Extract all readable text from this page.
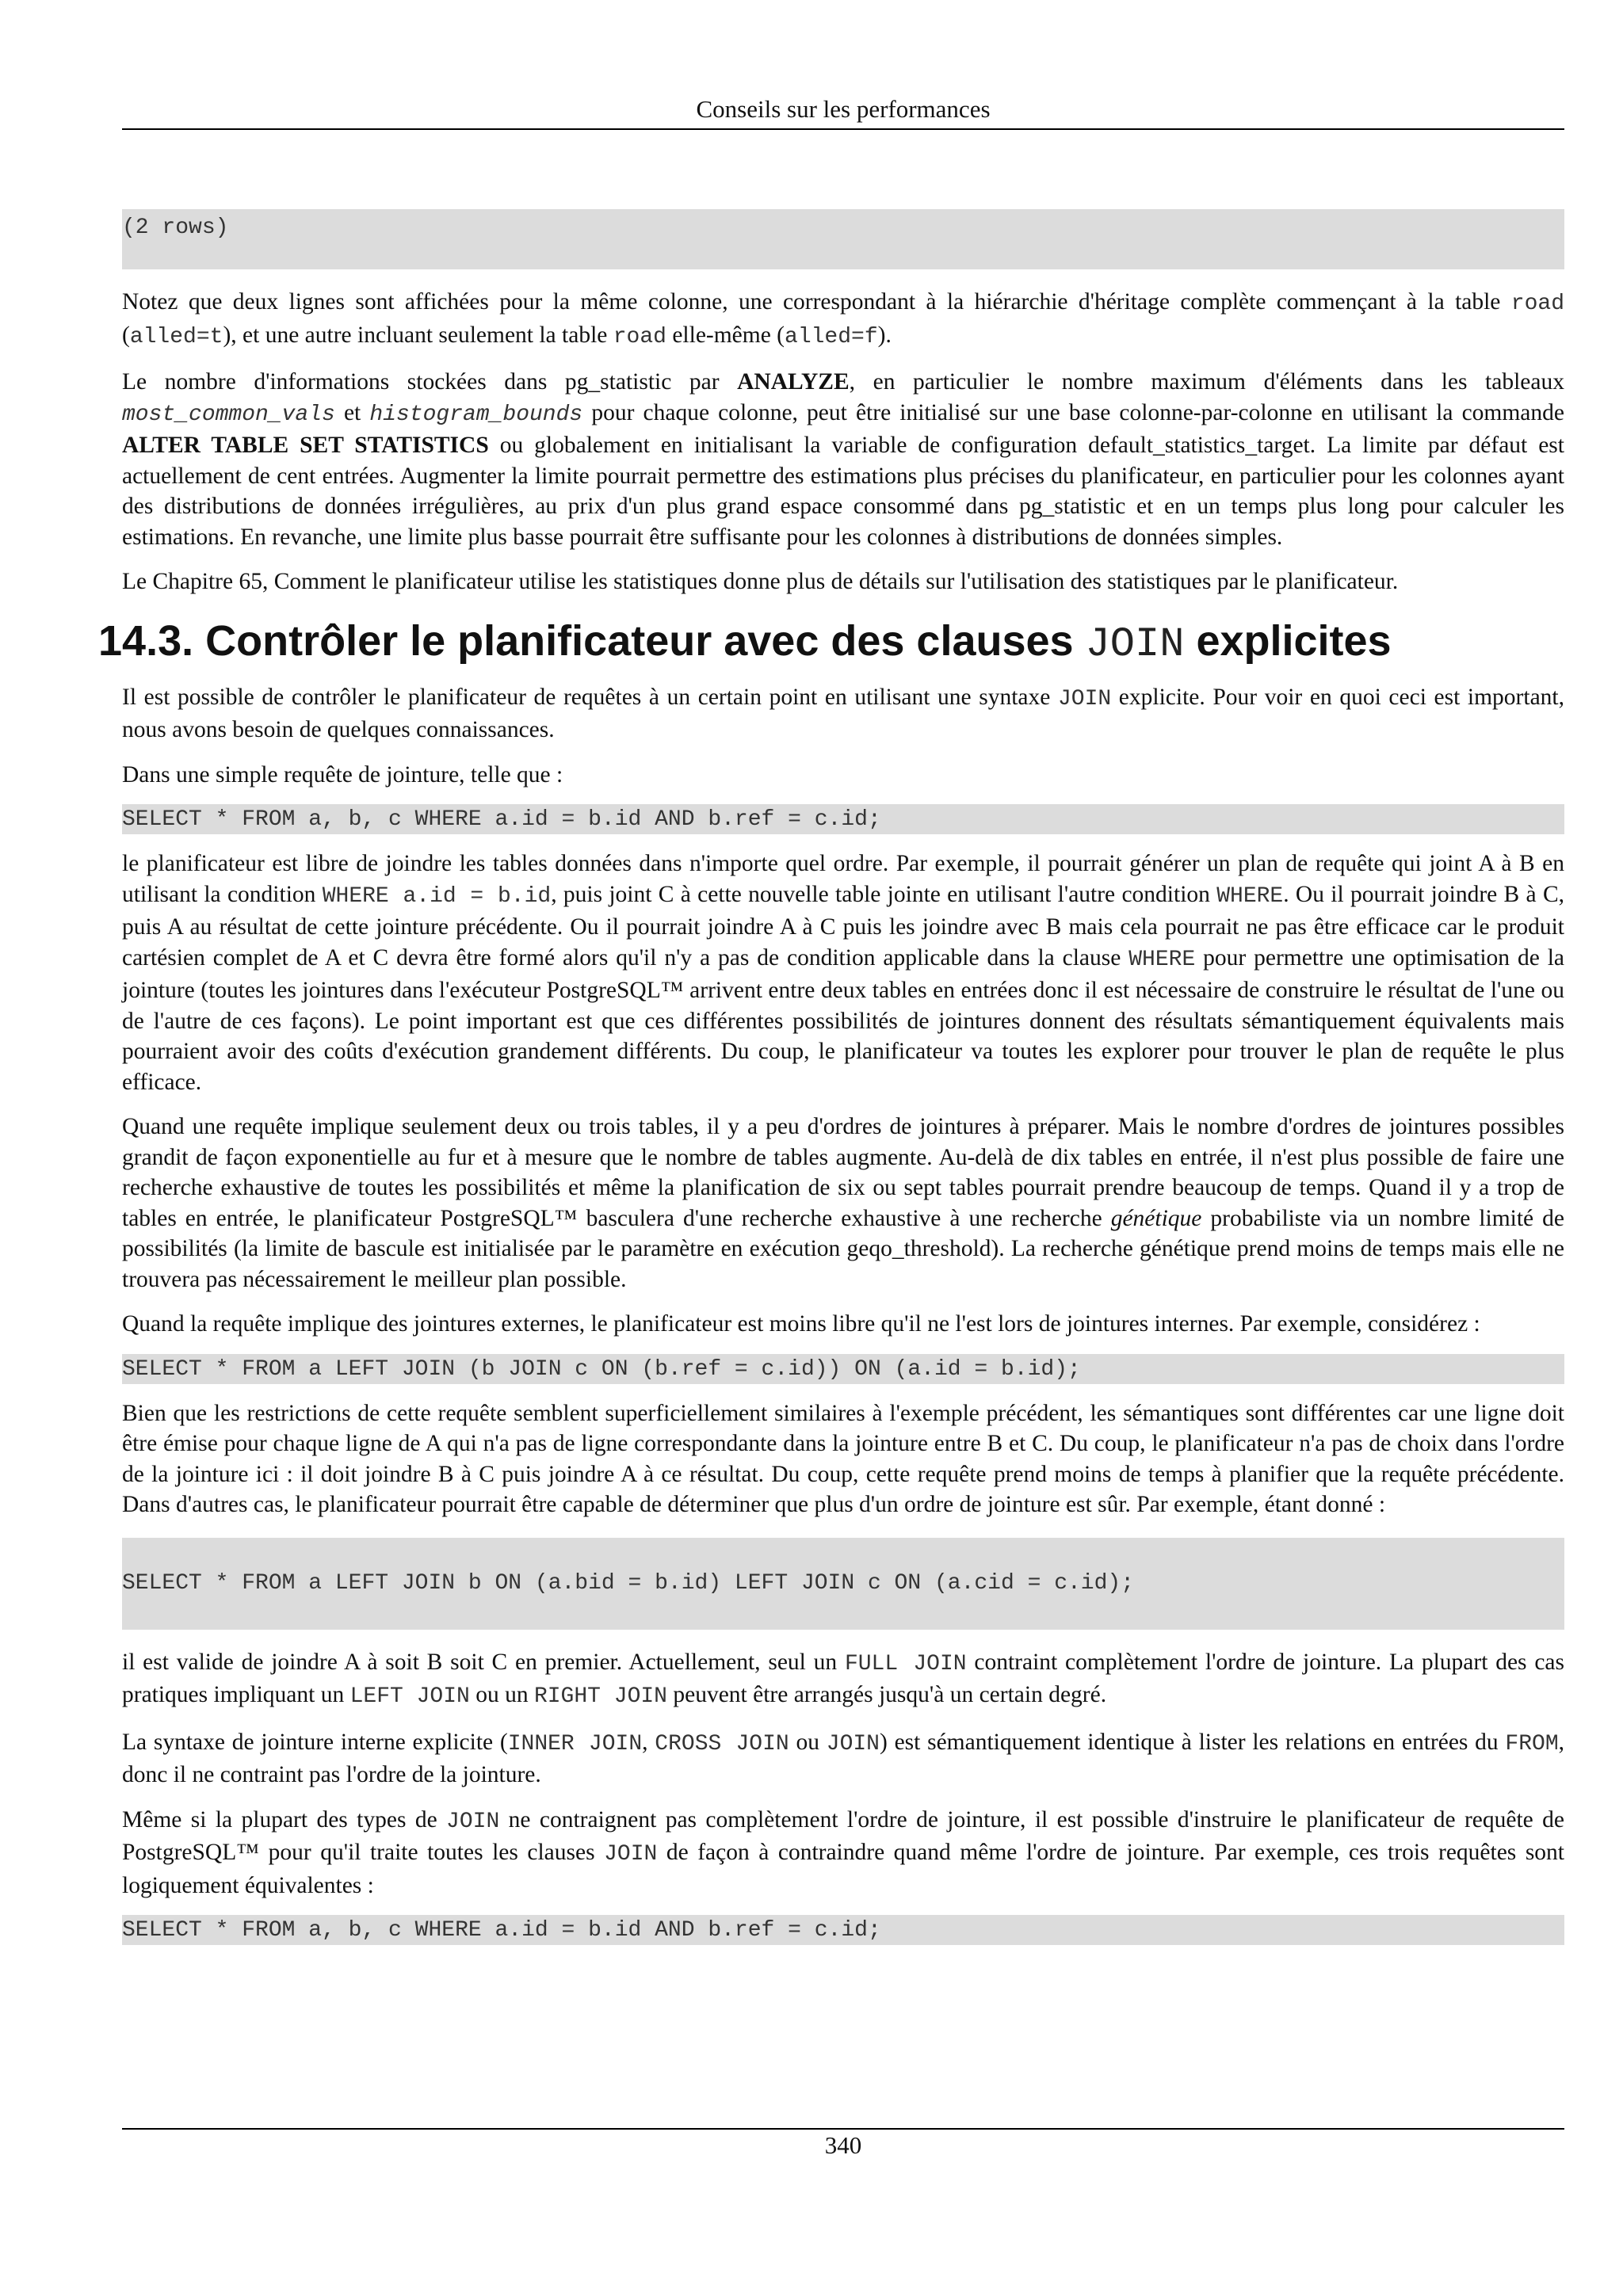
Conseils sur les performances
(2 rows)

Notez que deux lignes sont affichées pour la même colonne, une correspondant à la hiérarchie d'héritage complète commençant à la table road (alled=t), et une autre incluant seulement la table road elle-même (alled=f).

Le nombre d'informations stockées dans pg_statistic par ANALYZE, en particulier le nombre maximum d'éléments dans les tableaux most_common_vals et histogram_bounds pour chaque colonne, peut être initialisé sur une base colonne-par-colonne en utilisant la commande ALTER TABLE SET STATISTICS ou globalement en initialisant la variable de configuration default_statistics_target. La limite par défaut est actuellement de cent entrées. Augmenter la limite pourrait permettre des estimations plus précises du planificateur, en particulier pour les colonnes ayant des distributions de données irrégulières, au prix d'un plus grand espace consommé dans pg_statistic et en un temps plus long pour calculer les estimations. En revanche, une limite plus basse pourrait être suffisante pour les colonnes à distributions de données simples.

Le Chapitre 65, Comment le planificateur utilise les statistiques donne plus de détails sur l'utilisation des statistiques par le planificateur.

14.3. Contrôler le planificateur avec des clauses JOIN explicites

Il est possible de contrôler le planificateur de requêtes à un certain point en utilisant une syntaxe JOIN explicite. Pour voir en quoi ceci est important, nous avons besoin de quelques connaissances.

Dans une simple requête de jointure, telle que :

SELECT * FROM a, b, c WHERE a.id = b.id AND b.ref = c.id;

le planificateur est libre de joindre les tables données dans n'importe quel ordre. Par exemple, il pourrait générer un plan de requête qui joint A à B en utilisant la condition WHERE a.id = b.id, puis joint C à cette nouvelle table jointe en utilisant l'autre condition WHERE. Ou il pourrait joindre B à C, puis A au résultat de cette jointure précédente. Ou il pourrait joindre A à C puis les joindre avec B mais cela pourrait ne pas être efficace car le produit cartésien complet de A et C devra être formé alors qu'il n'y a pas de condition applicable dans la clause WHERE pour permettre une optimisation de la jointure (toutes les jointures dans l'exécuteur PostgreSQL™ arrivent entre deux tables en entrées donc il est nécessaire de construire le résultat de l'une ou de l'autre de ces façons). Le point important est que ces différentes possibilités de jointures donnent des résultats sémantiquement équivalents mais pourraient avoir des coûts d'exécution grandement différents. Du coup, le planificateur va toutes les explorer pour trouver le plan de requête le plus efficace.

Quand une requête implique seulement deux ou trois tables, il y a peu d'ordres de jointures à préparer. Mais le nombre d'ordres de jointures possibles grandit de façon exponentielle au fur et à mesure que le nombre de tables augmente. Au-delà de dix tables en entrée, il n'est plus possible de faire une recherche exhaustive de toutes les possibilités et même la planification de six ou sept tables pourrait prendre beaucoup de temps. Quand il y a trop de tables en entrée, le planificateur PostgreSQL™ basculera d'une recherche exhaustive à une recherche génétique probabiliste via un nombre limité de possibilités (la limite de bascule est initialisée par le paramètre en exécution geqo_threshold). La recherche génétique prend moins de temps mais elle ne trouvera pas nécessairement le meilleur plan possible.

Quand la requête implique des jointures externes, le planificateur est moins libre qu'il ne l'est lors de jointures internes. Par exemple, considérez :

SELECT * FROM a LEFT JOIN (b JOIN c ON (b.ref = c.id)) ON (a.id = b.id);

Bien que les restrictions de cette requête semblent superficiellement similaires à l'exemple précédent, les sémantiques sont différentes car une ligne doit être émise pour chaque ligne de A qui n'a pas de ligne correspondante dans la jointure entre B et C. Du coup, le planificateur n'a pas de choix dans l'ordre de la jointure ici : il doit joindre B à C puis joindre A à ce résultat. Du coup, cette requête prend moins de temps à planifier que la requête précédente. Dans d'autres cas, le planificateur pourrait être capable de déterminer que plus d'un ordre de jointure est sûr. Par exemple, étant donné :

SELECT * FROM a LEFT JOIN b ON (a.bid = b.id) LEFT JOIN c ON (a.cid = c.id);

il est valide de joindre A à soit B soit C en premier. Actuellement, seul un FULL JOIN contraint complètement l'ordre de jointure. La plupart des cas pratiques impliquant un LEFT JOIN ou un RIGHT JOIN peuvent être arrangés jusqu'à un certain degré.

La syntaxe de jointure interne explicite (INNER JOIN, CROSS JOIN ou JOIN) est sémantiquement identique à lister les relations en entrées du FROM, donc il ne contraint pas l'ordre de la jointure.

Même si la plupart des types de JOIN ne contraignent pas complètement l'ordre de jointure, il est possible d'instruire le planificateur de requête de PostgreSQL™ pour qu'il traite toutes les clauses JOIN de façon à contraindre quand même l'ordre de jointure. Par exemple, ces trois requêtes sont logiquement équivalentes :

SELECT * FROM a, b, c WHERE a.id = b.id AND b.ref = c.id;
340
